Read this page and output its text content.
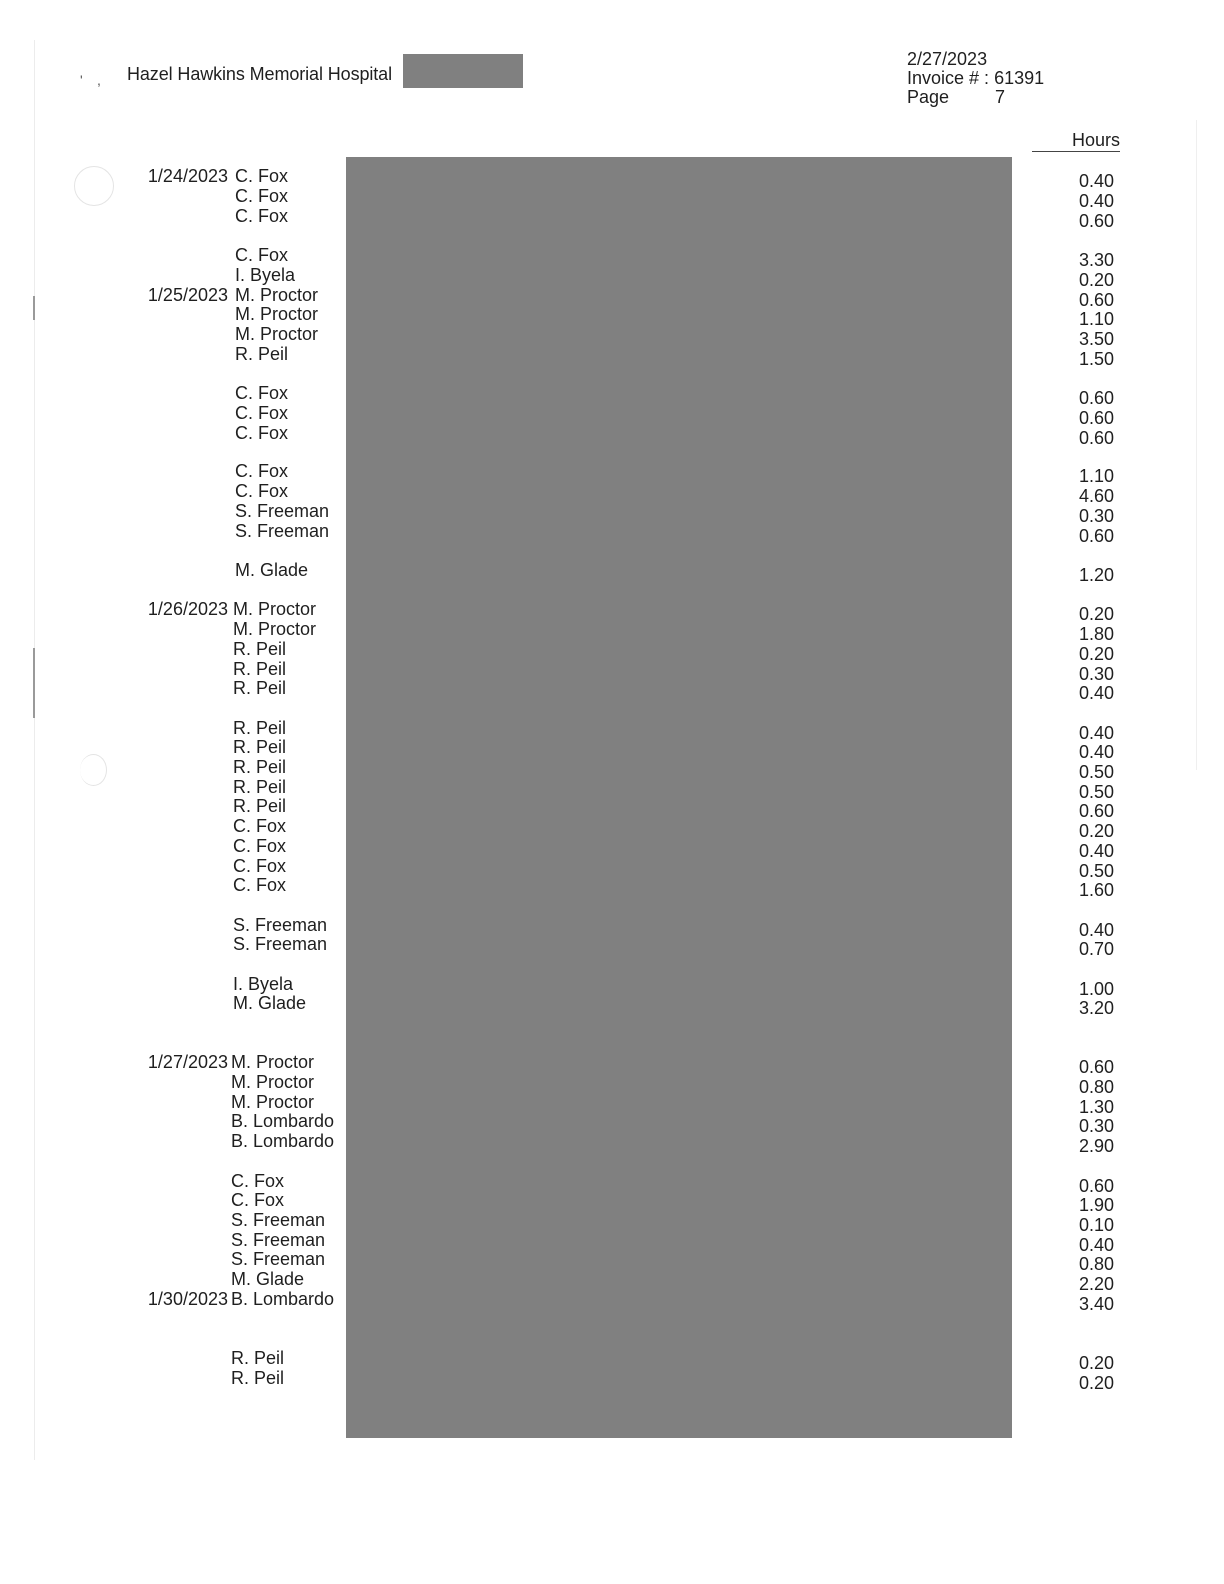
' , Hazel Hawkins Memorial Hospital
2/27/2023
Invoice # : 61391
Page	7
Hours
1/24/2023 C. Fox	0.40
C. Fox	0.40
C. Fox	0.60
C. Fox	3.30
I. Byela	0.20
1/25/2023 M. Proctor	0.60
M. Proctor	1.10
M. Proctor	3.50
R. Peil	1.50
C. Fox	0.60
C. Fox	0.60
C. Fox	0.60
C. Fox	1.10
C. Fox	4.60
S. Freeman	0.30
S. Freeman	0.60
M. Glade	1.20
1/26/2023 M. Proctor	0.20
M. Proctor	1.80
R. Peil	0.20
R. Peil	0.30
R. Peil	0.40
R. Peil	0.40
R. Peil	0.40
R. Peil	0.50
R. Peil	0.50
R. Peil	0.60
C. Fox	0.20
C. Fox	0.40
C. Fox	0.50
C. Fox	1.60
S. Freeman	0.40
S. Freeman	0.70
I. Byela	1.00
M. Glade	3.20
1/27/2023 M. Proctor	0.60
M. Proctor	0.80
M. Proctor	1.30
B. Lombardo	0.30
B. Lombardo	2.90
C. Fox	0.60
C. Fox	1.90
S. Freeman	0.10
S. Freeman	0.40
S. Freeman	0.80
M. Glade	2.20
1/30/2023 B. Lombardo	3.40
R. Peil	0.20
R. Peil	0.20
